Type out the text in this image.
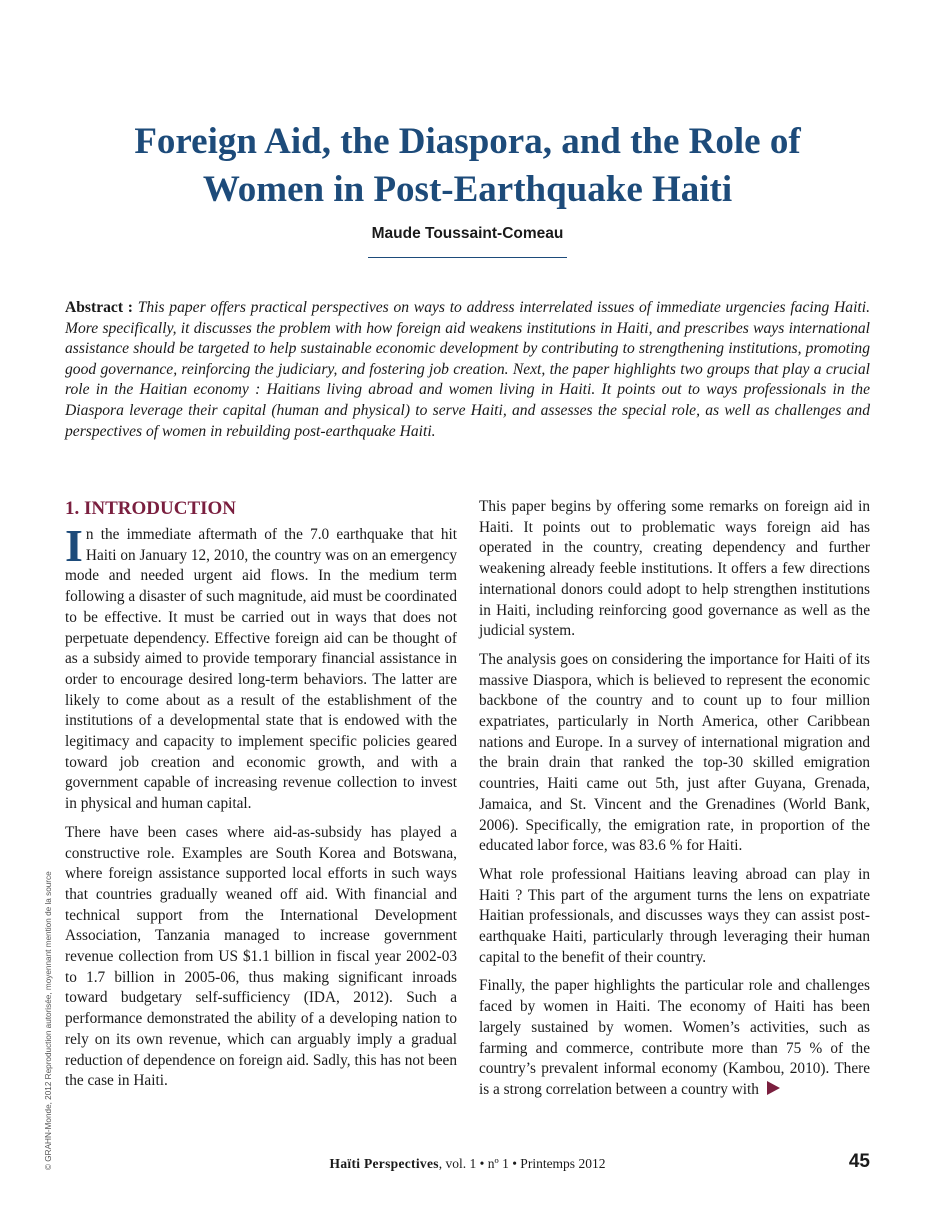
Foreign Aid, the Diaspora, and the Role of
Women in Post-Earthquake Haiti
Maude Toussaint-Comeau

Abstract : This paper offers practical perspectives on ways to address interrelated issues of immediate urgencies facing Haiti. More specifically, it discusses the problem with how foreign aid weakens institutions in Haiti, and prescribes ways international assistance should be targeted to help sustainable economic development by contributing to strengthening institutions, promoting good governance, reinforcing the judiciary, and fostering job creation. Next, the paper highlights two groups that play a crucial role in the Haitian economy : Haitians living abroad and women living in Haiti. It points out to ways professionals in the Diaspora leverage their capital (human and physical) to serve Haiti, and assesses the special role, as well as challenges and perspectives of women in rebuilding post-earthquake Haiti.

1. INTRODUCTION

I n the immediate aftermath of the 7.0 earthquake that hit Haiti on January 12, 2010, the country was on an emergency mode and needed urgent aid flows. In the medium term following a disaster of such magnitude, aid must be coordinated to be effective. It must be carried out in ways that does not perpetuate dependency. Effective foreign aid can be thought of as a subsidy aimed to provide temporary financial assistance in order to encourage desired long-term behaviors. The latter are likely to come about as a result of the establishment of the institutions of a developmental state that is endowed with the legitimacy and capacity to implement specific policies geared toward job creation and economic growth, and with a government capable of increasing revenue collection to invest in physical and human capital.

There have been cases where aid-as-subsidy has played a constructive role. Examples are South Korea and Botswana, where foreign assistance supported local efforts in such ways that countries gradually weaned off aid. With financial and technical support from the International Development Association, Tanzania managed to increase government revenue collection from US $1.1 billion in fiscal year 2002-03 to 1.7 billion in 2005-06, thus making significant inroads toward budgetary self-sufficiency (IDA, 2012). Such a performance demonstrated the ability of a developing nation to rely on its own revenue, which can arguably imply a gradual reduction of dependence on foreign aid. Sadly, this has not been the case in Haiti.

This paper begins by offering some remarks on foreign aid in Haiti. It points out to problematic ways foreign aid has operated in the country, creating dependency and further weakening already feeble institutions. It offers a few directions international donors could adopt to help strengthen institutions in Haiti, including reinforcing good governance as well as the judicial system.

The analysis goes on considering the importance for Haiti of its massive Diaspora, which is believed to represent the economic backbone of the country and to count up to four million expatriates, particularly in North America, other Caribbean nations and Europe. In a survey of international migration and the brain drain that ranked the top-30 skilled emigration countries, Haiti came out 5th, just after Guyana, Grenada, Jamaica, and St. Vincent and the Grenadines (World Bank, 2006). Specifically, the emigration rate, in proportion of the educated labor force, was 83.6 % for Haiti.

What role professional Haitians leaving abroad can play in Haiti ? This part of the argument turns the lens on expatriate Haitian professionals, and discusses ways they can assist post-earthquake Haiti, particularly through leveraging their human capital to the benefit of their country.

Finally, the paper highlights the particular role and challenges faced by women in Haiti. The economy of Haiti has been largely sustained by women. Women’s activities, such as farming and commerce, contribute more than 75 % of the country’s prevalent informal economy (Kambou, 2010). There is a strong correlation between a country with

© GRAHN-Monde, 2012 Reproduction autorisée, moyennant mention de la source	Haïti Perspectives, vol. 1 • nº 1 • Printemps 2012	45
